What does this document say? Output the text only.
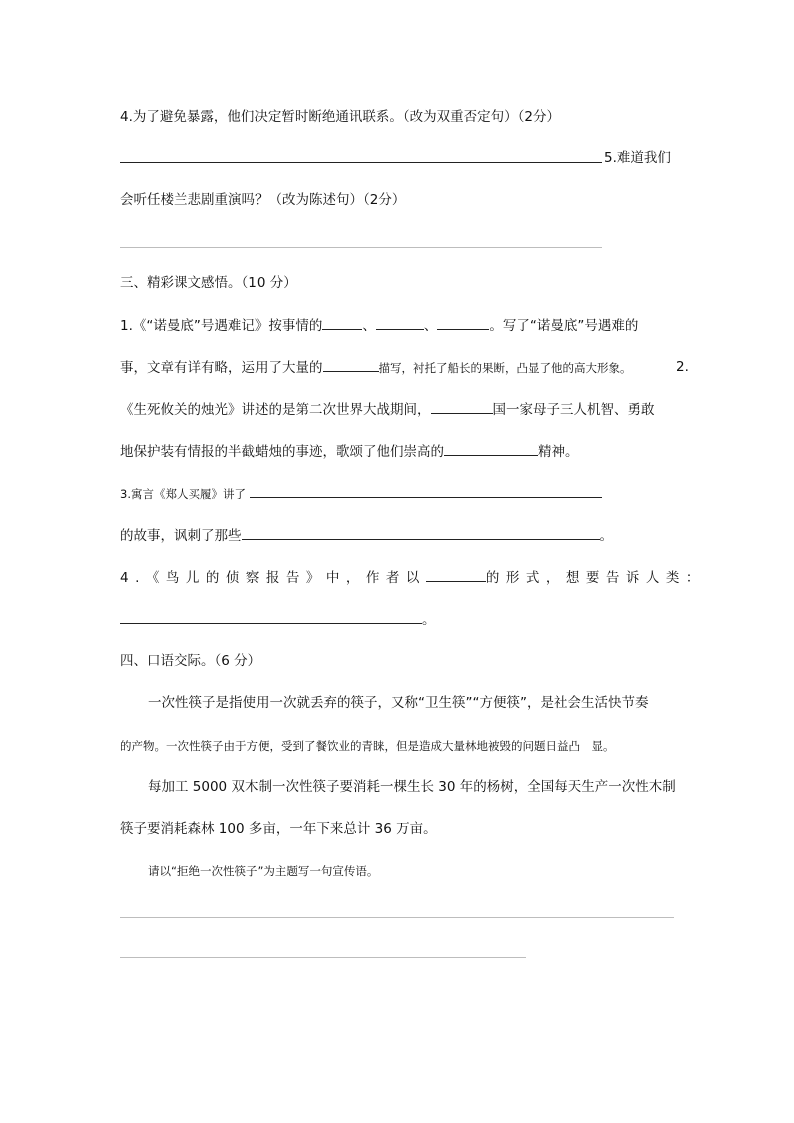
4.为了避免暴露，他们决定暂时断绝通讯联系。（改为双重否定句）（2分）
5.难道我们
会听任楼兰悲剧重演吗？（改为陈述句）（2分）
三、精彩课文感悟。（10 分）
1.《“诺曼底”号遇难记》按事情的	、	、	。写了“诺曼底”号遇难的
事，文章有详有略，运用了大量的	描写，衬托了船长的果断，凸显了他的高大形象。	2.
《生死攸关的烛光》讲述的是第二次世界大战期间，	国一家母子三人机智、勇敢
地保护装有情报的半截蜡烛的事迹，歌颂了他们崇高的	精神。
3.寓言《郑人买履》讲了
的故事，讽刺了那些	。
4.《鸟儿的侦察报告》中，作者以	的形式，想要告诉人类：
。
四、口语交际。（6 分）
一次性筷子是指使用一次就丢弃的筷子，又称“卫生筷”“方便筷”，是社会生活快节奏
的产物。一次性筷子由于方便，受到了餐饮业的青睐，但是造成大量林地被毁的问题日益凸　显。
每加工 5000 双木制一次性筷子要消耗一棵生长 30 年的杨树，全国每天生产一次性木制
筷子要消耗森林 100 多亩，一年下来总计 36 万亩。
请以“拒绝一次性筷子”为主题写一句宣传语。
